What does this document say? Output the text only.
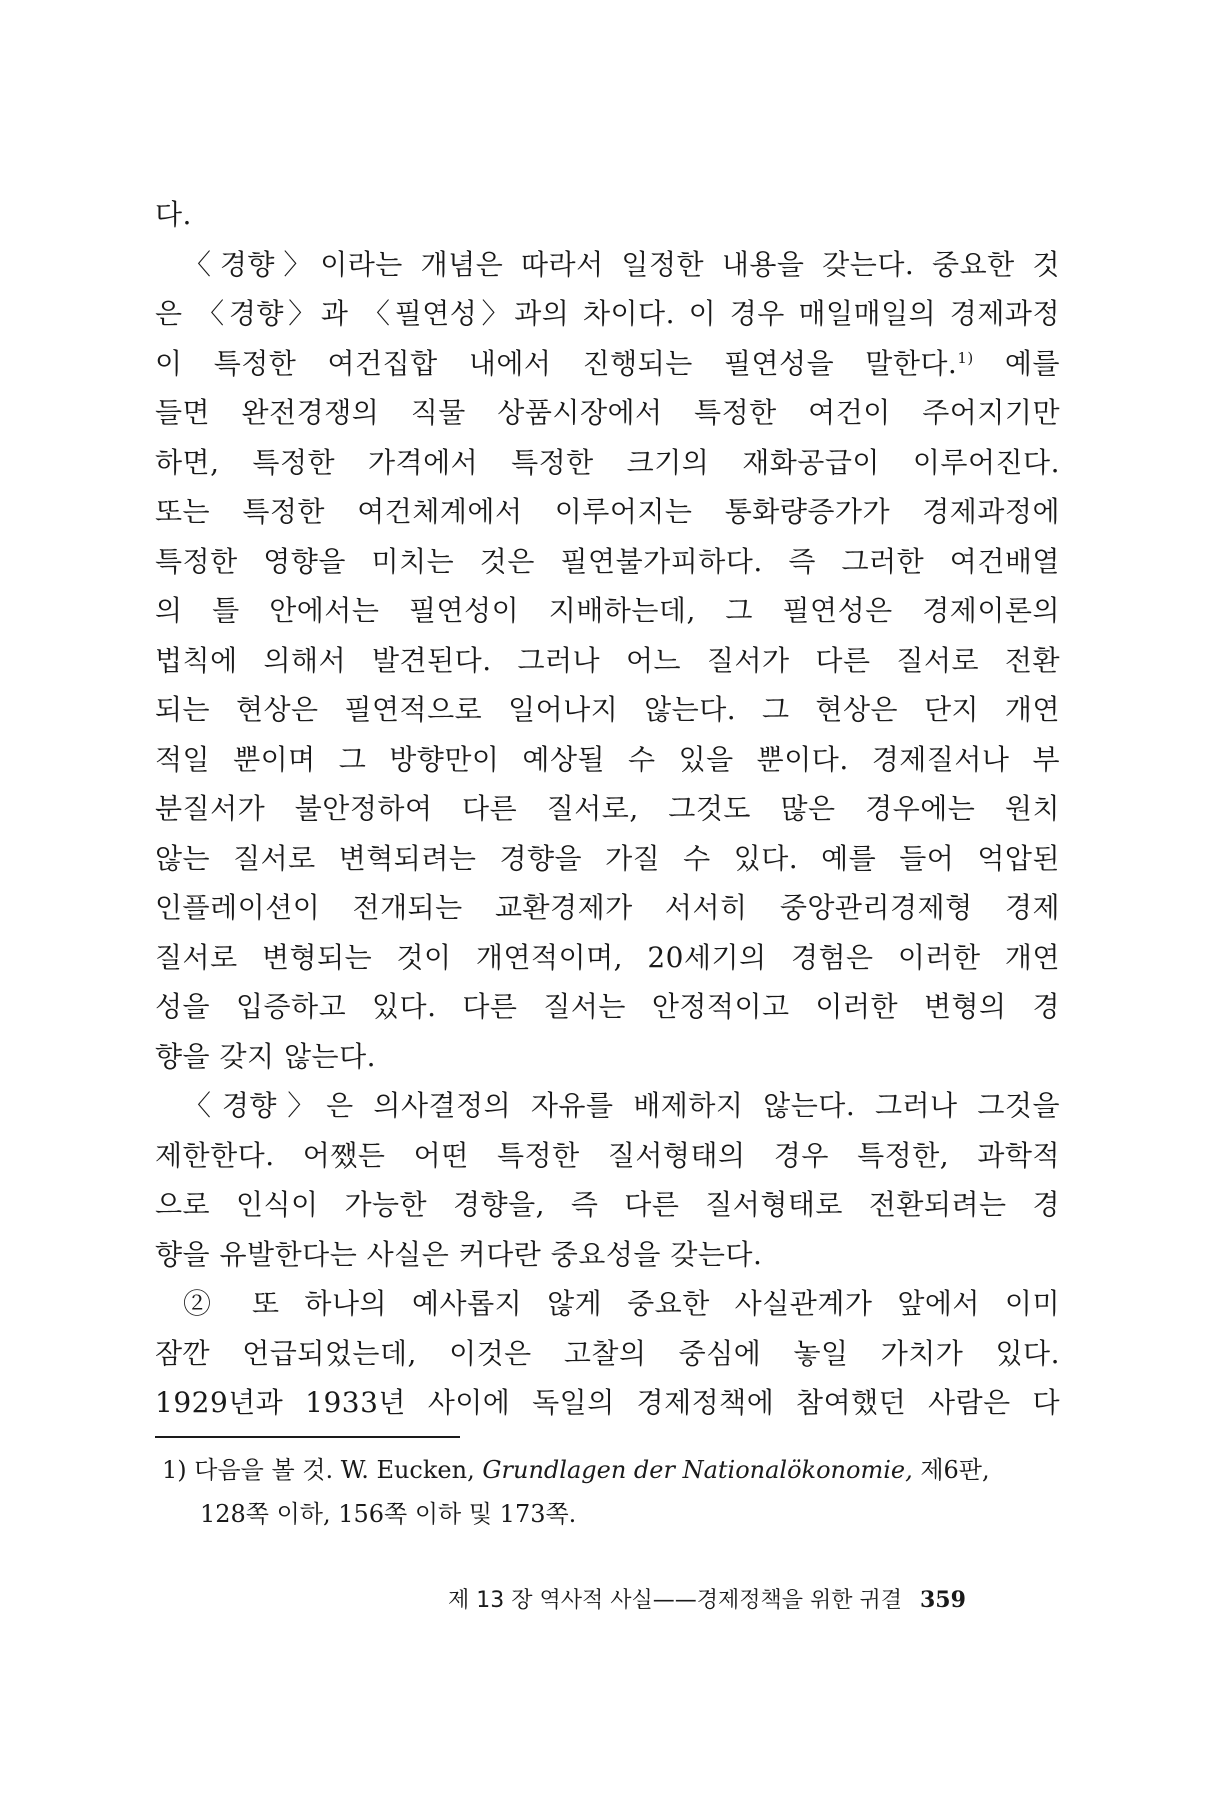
다.
〈경향〉이라는 개념은 따라서 일정한 내용을 갖는다. 중요한 것
은 〈경향〉과 〈필연성〉과의 차이다. 이 경우 매일매일의 경제과정
이 특정한 여건집합 내에서 진행되는 필연성을 말한다.$^{1)}$ 예를
들면 완전경쟁의 직물 상품시장에서 특정한 여건이 주어지기만
하면, 특정한 가격에서 특정한 크기의 재화공급이 이루어진다.
또는 특정한 여건체계에서 이루어지는 통화량증가가 경제과정에
특정한 영향을 미치는 것은 필연불가피하다. 즉 그러한 여건배열
의 틀 안에서는 필연성이 지배하는데, 그 필연성은 경제이론의
법칙에 의해서 발견된다. 그러나 어느 질서가 다른 질서로 전환
되는 현상은 필연적으로 일어나지 않는다. 그 현상은 단지 개연
적일 뿐이며 그 방향만이 예상될 수 있을 뿐이다. 경제질서나 부
분질서가 불안정하여 다른 질서로, 그것도 많은 경우에는 원치
않는 질서로 변혁되려는 경향을 가질 수 있다. 예를 들어 억압된
인플레이션이 전개되는 교환경제가 서서히 중앙관리경제형 경제
질서로 변형되는 것이 개연적이며, 20세기의 경험은 이러한 개연
성을 입증하고 있다. 다른 질서는 안정적이고 이러한 변형의 경
향을 갖지 않는다.
〈경향〉은 의사결정의 자유를 배제하지 않는다. 그러나 그것을
제한한다. 어쨌든 어떤 특정한 질서형태의 경우 특정한, 과학적
으로 인식이 가능한 경향을, 즉 다른 질서형태로 전환되려는 경
향을 유발한다는 사실은 커다란 중요성을 갖는다.
② 또 하나의 예사롭지 않게 중요한 사실관계가 앞에서 이미
잠깐 언급되었는데, 이것은 고찰의 중심에 놓일 가치가 있다.
1929년과 1933년 사이에 독일의 경제정책에 참여했던 사람은 다
1) 다음을 볼 것. W. Eucken, Grundlagen der Nationalökonomie, 제6판,
128쪽 이하, 156쪽 이하 및 173쪽.
제 13 장 역사적 사실——경제정책을 위한 귀결 359
